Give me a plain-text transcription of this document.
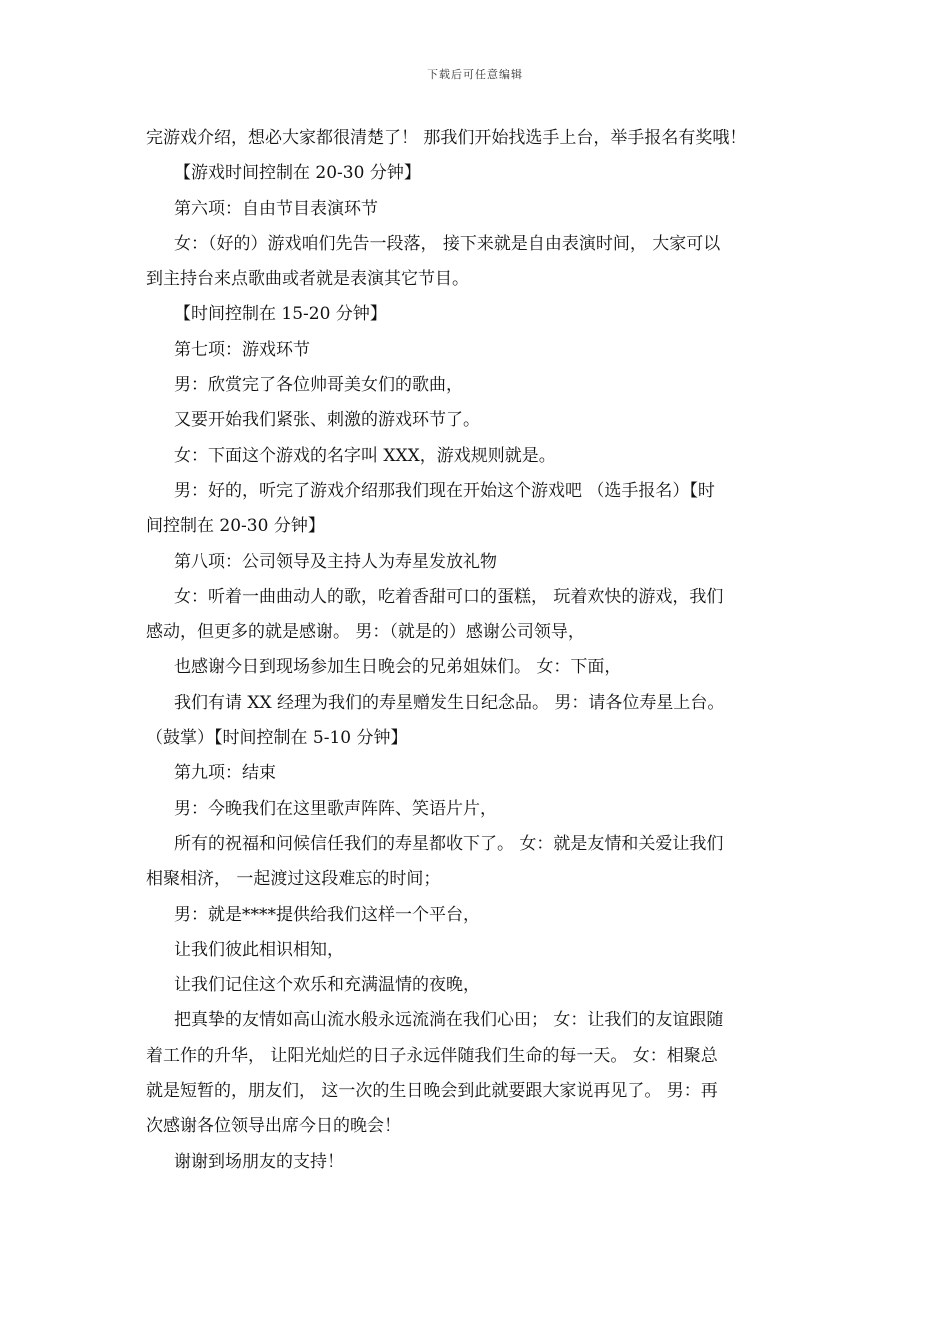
下载后可任意编辑
完游戏介绍，想必大家都很清楚了！ 那我们开始找选手上台，举手报名有奖哦！
【游戏时间控制在 20-30 分钟】
第六项：自由节目表演环节
女：（好的）游戏咱们先告一段落， 接下来就是自由表演时间， 大家可以
到主持台来点歌曲或者就是表演其它节目。
【时间控制在 15-20 分钟】
第七项：游戏环节
男：欣赏完了各位帅哥美女们的歌曲，
又要开始我们紧张、刺激的游戏环节了。
女：下面这个游戏的名字叫 XXX，游戏规则就是。
男：好的，听完了游戏介绍那我们现在开始这个游戏吧 （选手报名）【时
间控制在 20-30 分钟】
第八项：公司领导及主持人为寿星发放礼物
女：听着一曲曲动人的歌，吃着香甜可口的蛋糕， 玩着欢快的游戏，我们
感动，但更多的就是感谢。 男：（就是的）感谢公司领导，
也感谢今日到现场参加生日晚会的兄弟姐妹们。 女：下面，
我们有请 XX 经理为我们的寿星赠发生日纪念品。 男：请各位寿星上台。
（鼓掌）【时间控制在 5-10 分钟】
第九项：结束
男：今晚我们在这里歌声阵阵、笑语片片，
所有的祝福和问候信任我们的寿星都收下了。 女：就是友情和关爱让我们
相聚相济， 一起渡过这段难忘的时间；
男：就是****提供给我们这样一个平台，
让我们彼此相识相知，
让我们记住这个欢乐和充满温情的夜晚，
把真挚的友情如高山流水般永远流淌在我们心田； 女：让我们的友谊跟随
着工作的升华， 让阳光灿烂的日子永远伴随我们生命的每一天。 女：相聚总
就是短暂的，朋友们， 这一次的生日晚会到此就要跟大家说再见了。 男：再
次感谢各位领导出席今日的晚会！
谢谢到场朋友的支持！
